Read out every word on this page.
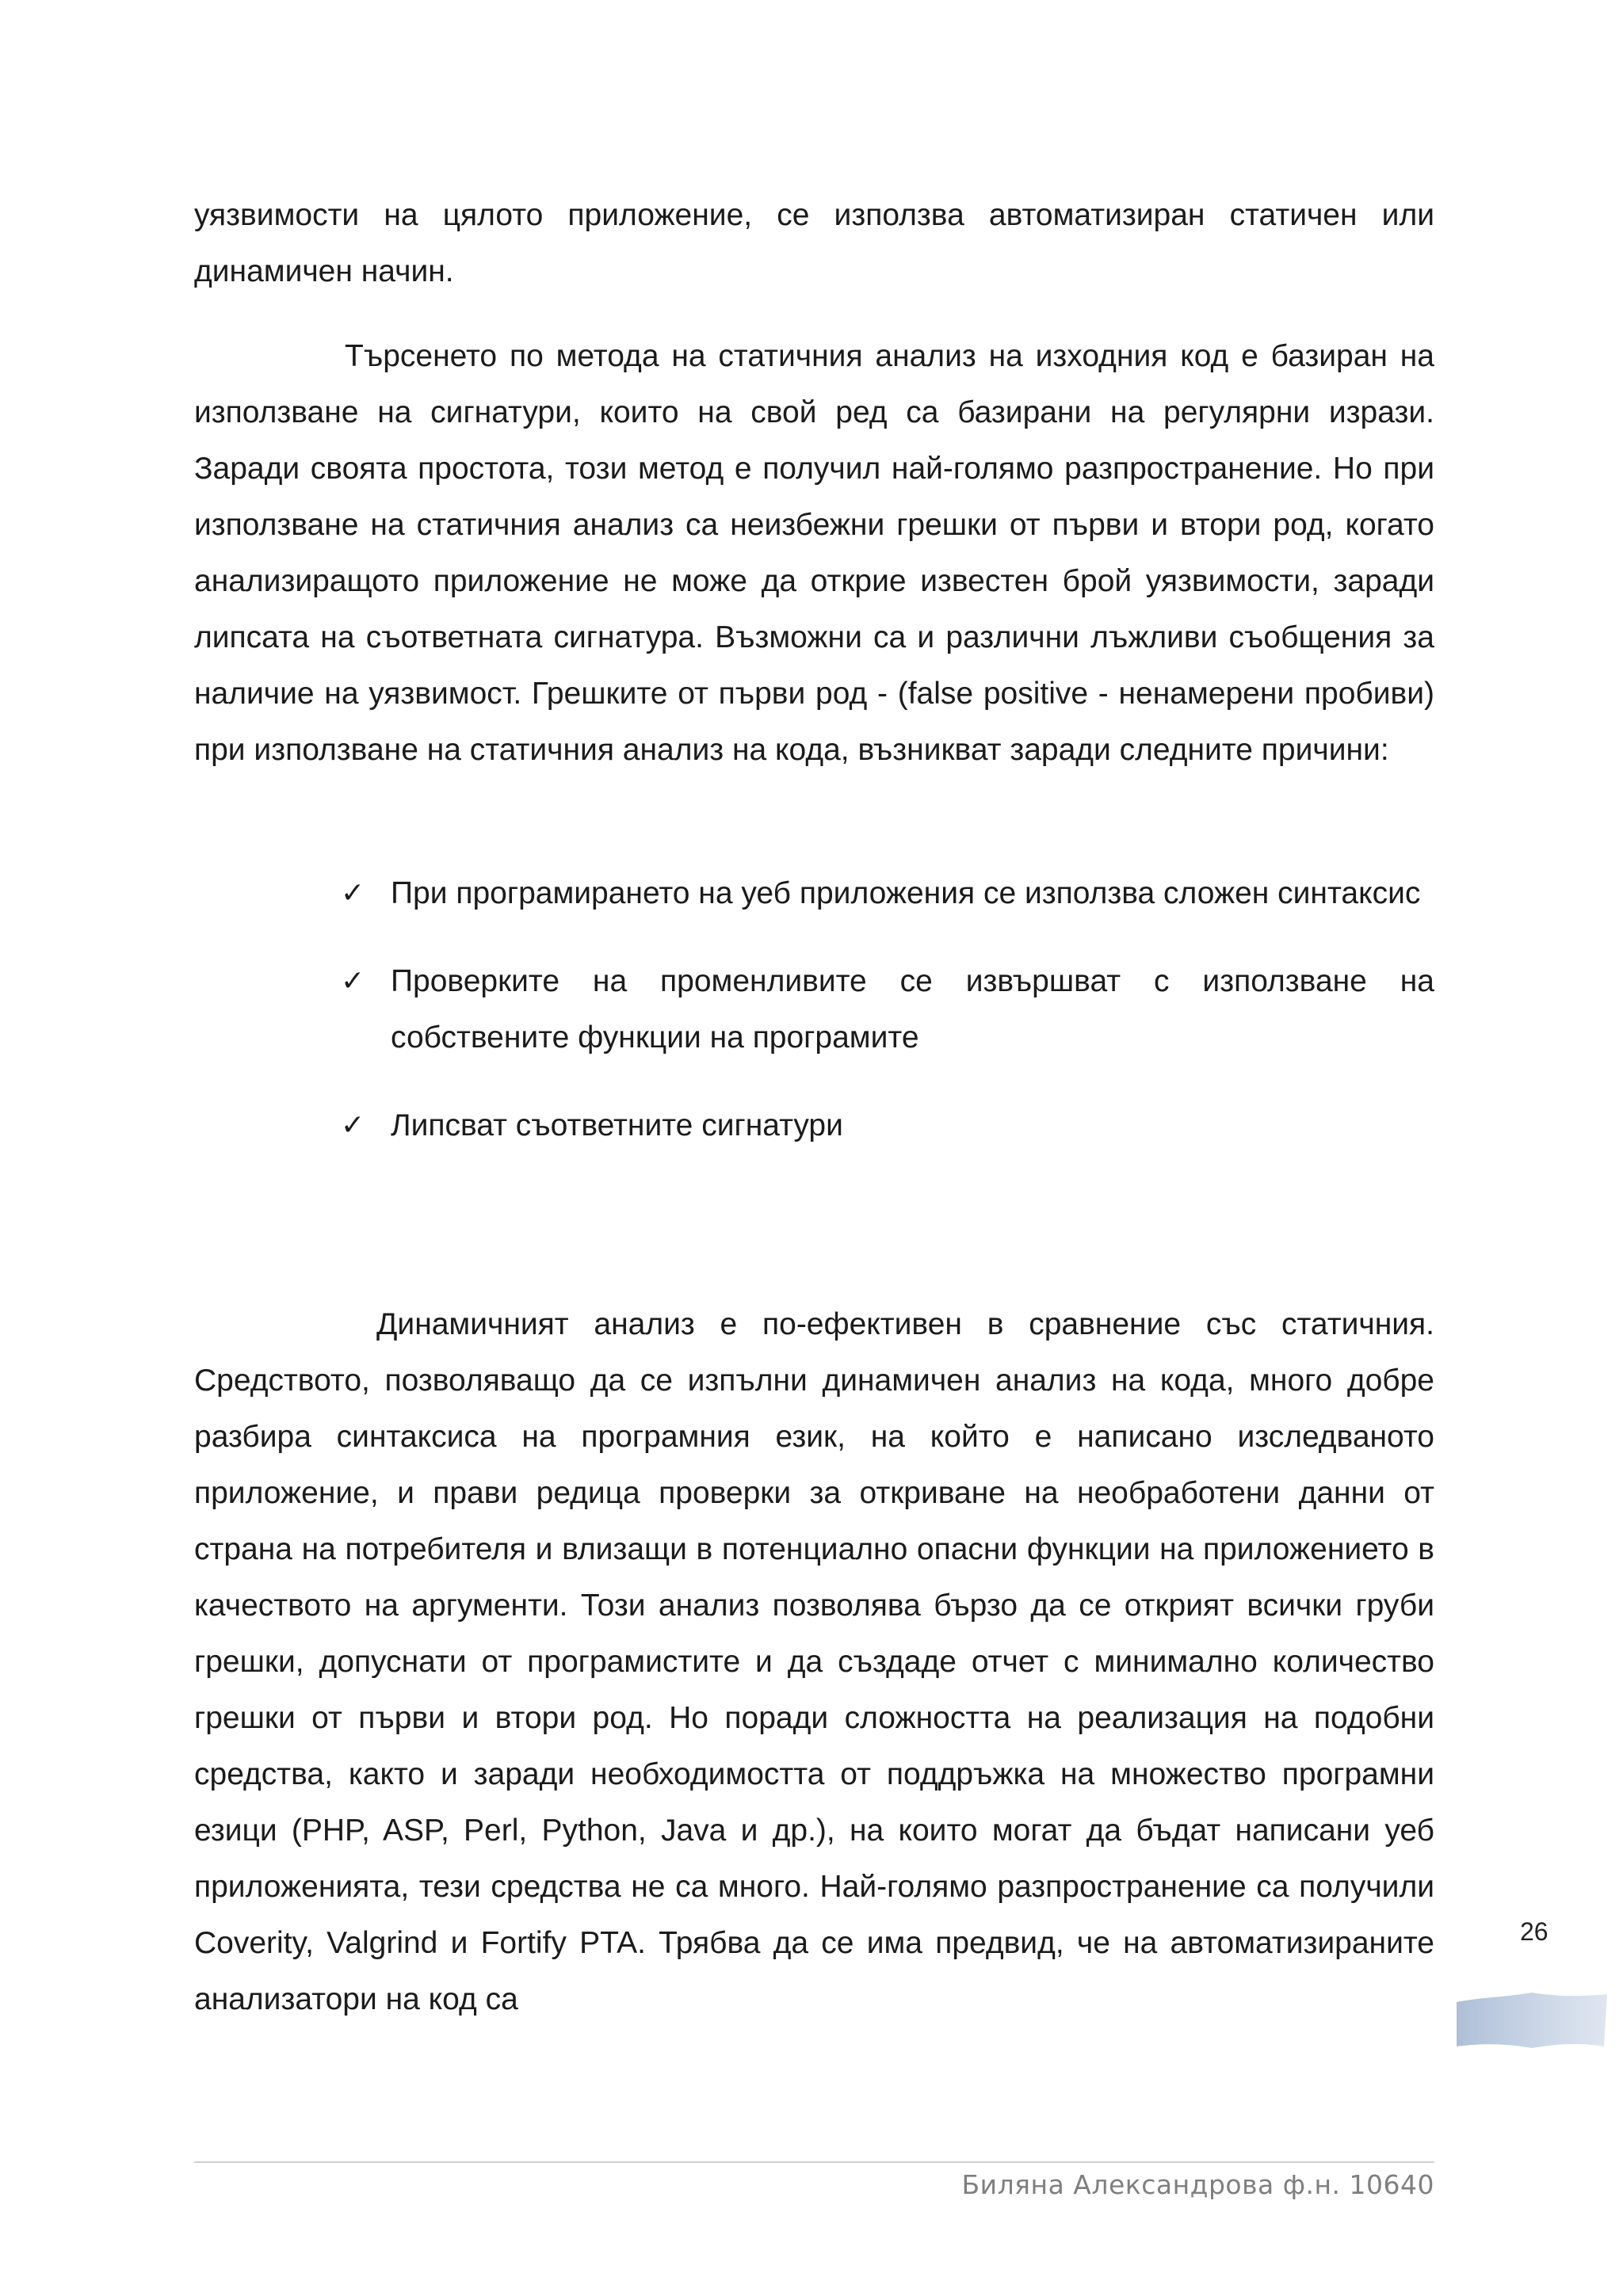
уязвимости на цялото приложение, се използва автоматизиран статичен или динамичен начин.

Търсенето по метода на статичния анализ на изходния код е базиран на използване на сигнатури, които на свой ред са базирани на регулярни изрази. Заради своята простота, този метод е получил най-голямо разпространение. Но при използване на статичния анализ са неизбежни грешки от първи и втори род, когато анализиращото приложение не може да открие известен брой уязвимости, заради липсата на съответната сигнатура. Възможни са и различни лъжливи съобщения за наличие на уязвимост. Грешките от първи род - (false positive - ненамерени пробиви) при използване на статичния анализ на кода, възникват заради следните причини:

✓ При програмирането на уеб приложения се използва сложен синтаксис
✓ Проверките на променливите се извършват с използване на собствените функции на програмите
✓ Липсват съответните сигнатури

Динамичният анализ е по-ефективен в сравнение със статичния. Средството, позволяващо да се изпълни динамичен анализ на кода, много добре разбира синтаксиса на програмния език, на който е написано изследваното приложение, и прави редица проверки за откриване на необработени данни от страна на потребителя и влизащи в потенциално опасни функции на приложението в качеството на аргументи. Този анализ позволява бързо да се открият всички груби грешки, допуснати от програмистите и да създаде отчет с минимално количество грешки от първи и втори род. Но поради сложността на реализация на подобни средства, както и заради необходимостта от поддръжка на множество програмни езици (PHP, ASP, Perl, Python, Java и др.), на които могат да бъдат написани уеб приложенията, тези средства не са много. Най-голямо разпространение са получили Coverity, Valgrind и Fortify PTA. Трябва да се има предвид, че на автоматизираните анализатори на код са

26
Биляна Александрова ф.н. 10640
